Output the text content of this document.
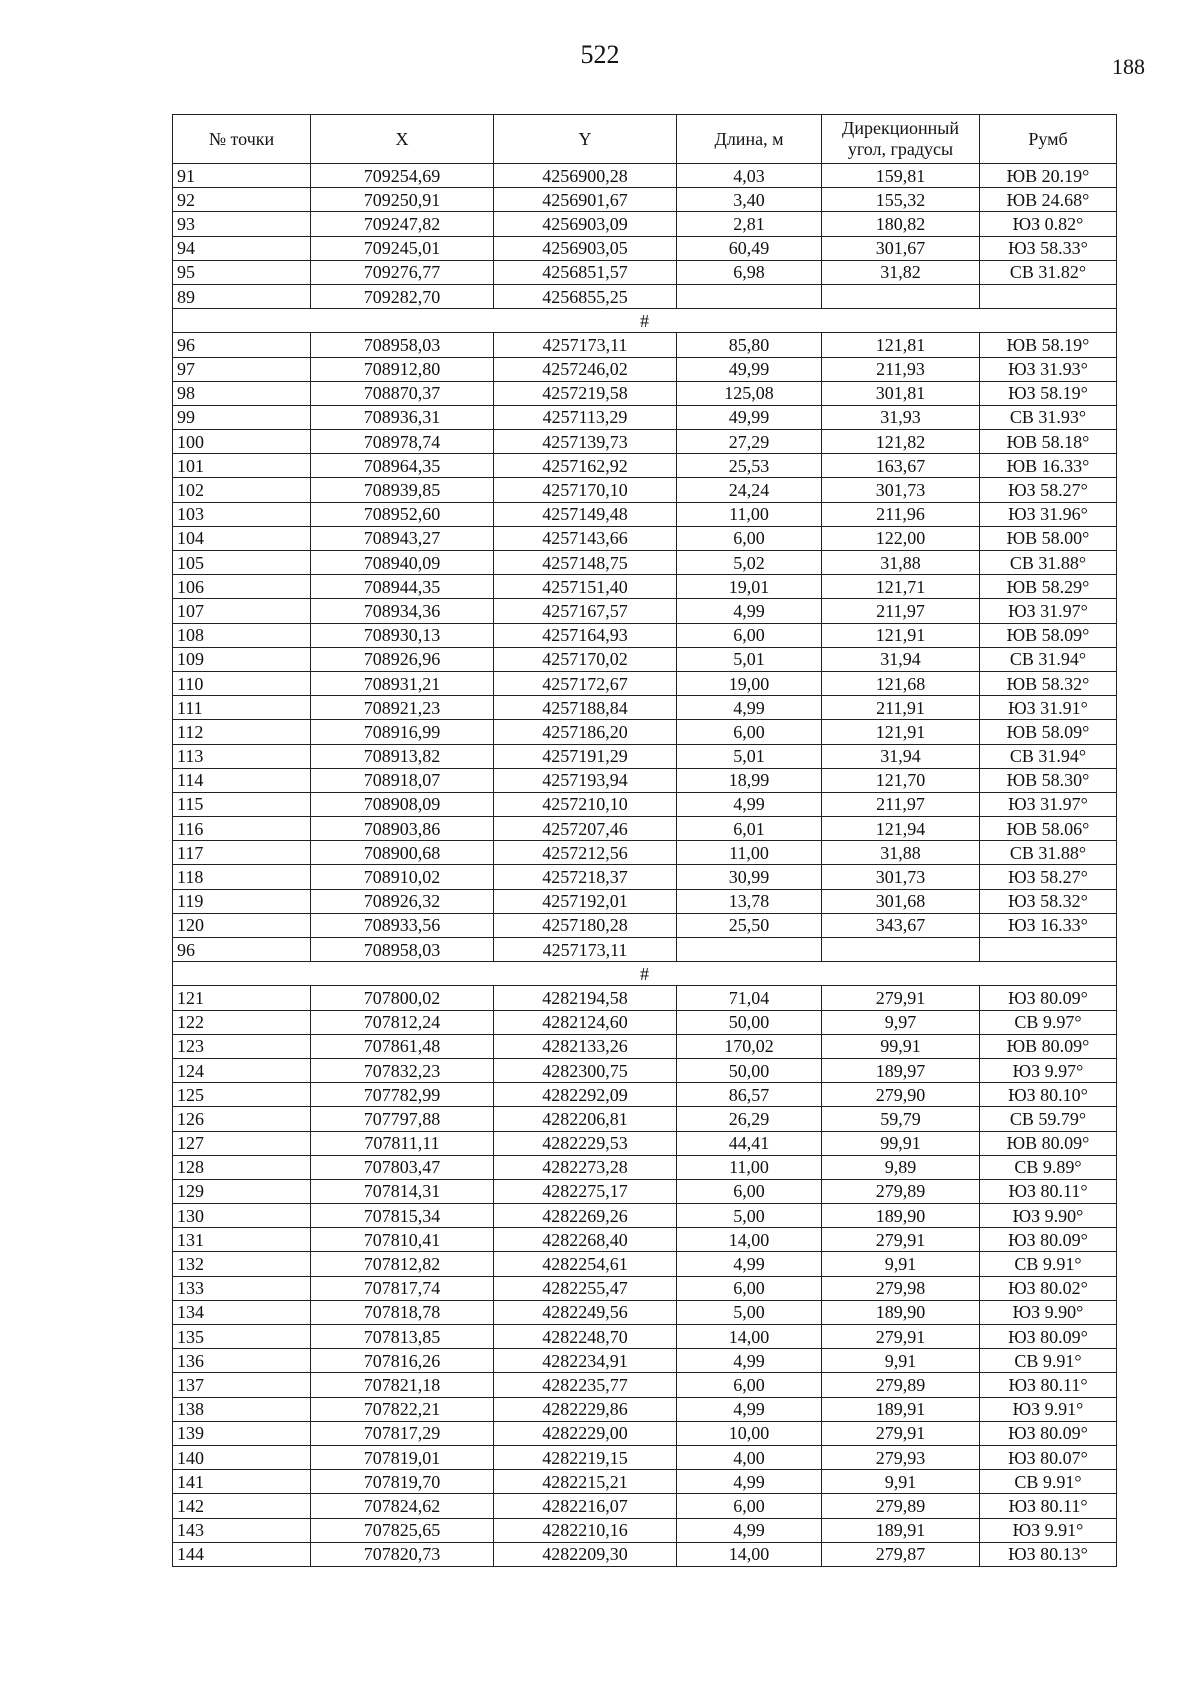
522	188
№ точки	X	Y	Длина, м	Дирекционный угол, градусы	Румб
91	709254,69	4256900,28	4,03	159,81	ЮВ 20.19°
92	709250,91	4256901,67	3,40	155,32	ЮВ 24.68°
93	709247,82	4256903,09	2,81	180,82	ЮЗ 0.82°
94	709245,01	4256903,05	60,49	301,67	ЮЗ 58.33°
95	709276,77	4256851,57	6,98	31,82	СВ 31.82°
89	709282,70	4256855,25			
#					
96	708958,03	4257173,11	85,80	121,81	ЮВ 58.19°
97	708912,80	4257246,02	49,99	211,93	ЮЗ 31.93°
98	708870,37	4257219,58	125,08	301,81	ЮЗ 58.19°
99	708936,31	4257113,29	49,99	31,93	СВ 31.93°
100	708978,74	4257139,73	27,29	121,82	ЮВ 58.18°
101	708964,35	4257162,92	25,53	163,67	ЮВ 16.33°
102	708939,85	4257170,10	24,24	301,73	ЮЗ 58.27°
103	708952,60	4257149,48	11,00	211,96	ЮЗ 31.96°
104	708943,27	4257143,66	6,00	122,00	ЮВ 58.00°
105	708940,09	4257148,75	5,02	31,88	СВ 31.88°
106	708944,35	4257151,40	19,01	121,71	ЮВ 58.29°
107	708934,36	4257167,57	4,99	211,97	ЮЗ 31.97°
108	708930,13	4257164,93	6,00	121,91	ЮВ 58.09°
109	708926,96	4257170,02	5,01	31,94	СВ 31.94°
110	708931,21	4257172,67	19,00	121,68	ЮВ 58.32°
111	708921,23	4257188,84	4,99	211,91	ЮЗ 31.91°
112	708916,99	4257186,20	6,00	121,91	ЮВ 58.09°
113	708913,82	4257191,29	5,01	31,94	СВ 31.94°
114	708918,07	4257193,94	18,99	121,70	ЮВ 58.30°
115	708908,09	4257210,10	4,99	211,97	ЮЗ 31.97°
116	708903,86	4257207,46	6,01	121,94	ЮВ 58.06°
117	708900,68	4257212,56	11,00	31,88	СВ 31.88°
118	708910,02	4257218,37	30,99	301,73	ЮЗ 58.27°
119	708926,32	4257192,01	13,78	301,68	ЮЗ 58.32°
120	708933,56	4257180,28	25,50	343,67	ЮЗ 16.33°
96	708958,03	4257173,11			
#					
121	707800,02	4282194,58	71,04	279,91	ЮЗ 80.09°
122	707812,24	4282124,60	50,00	9,97	СВ 9.97°
123	707861,48	4282133,26	170,02	99,91	ЮВ 80.09°
124	707832,23	4282300,75	50,00	189,97	ЮЗ 9.97°
125	707782,99	4282292,09	86,57	279,90	ЮЗ 80.10°
126	707797,88	4282206,81	26,29	59,79	СВ 59.79°
127	707811,11	4282229,53	44,41	99,91	ЮВ 80.09°
128	707803,47	4282273,28	11,00	9,89	СВ 9.89°
129	707814,31	4282275,17	6,00	279,89	ЮЗ 80.11°
130	707815,34	4282269,26	5,00	189,90	ЮЗ 9.90°
131	707810,41	4282268,40	14,00	279,91	ЮЗ 80.09°
132	707812,82	4282254,61	4,99	9,91	СВ 9.91°
133	707817,74	4282255,47	6,00	279,98	ЮЗ 80.02°
134	707818,78	4282249,56	5,00	189,90	ЮЗ 9.90°
135	707813,85	4282248,70	14,00	279,91	ЮЗ 80.09°
136	707816,26	4282234,91	4,99	9,91	СВ 9.91°
137	707821,18	4282235,77	6,00	279,89	ЮЗ 80.11°
138	707822,21	4282229,86	4,99	189,91	ЮЗ 9.91°
139	707817,29	4282229,00	10,00	279,91	ЮЗ 80.09°
140	707819,01	4282219,15	4,00	279,93	ЮЗ 80.07°
141	707819,70	4282215,21	4,99	9,91	СВ 9.91°
142	707824,62	4282216,07	6,00	279,89	ЮЗ 80.11°
143	707825,65	4282210,16	4,99	189,91	ЮЗ 9.91°
144	707820,73	4282209,30	14,00	279,87	ЮЗ 80.13°
